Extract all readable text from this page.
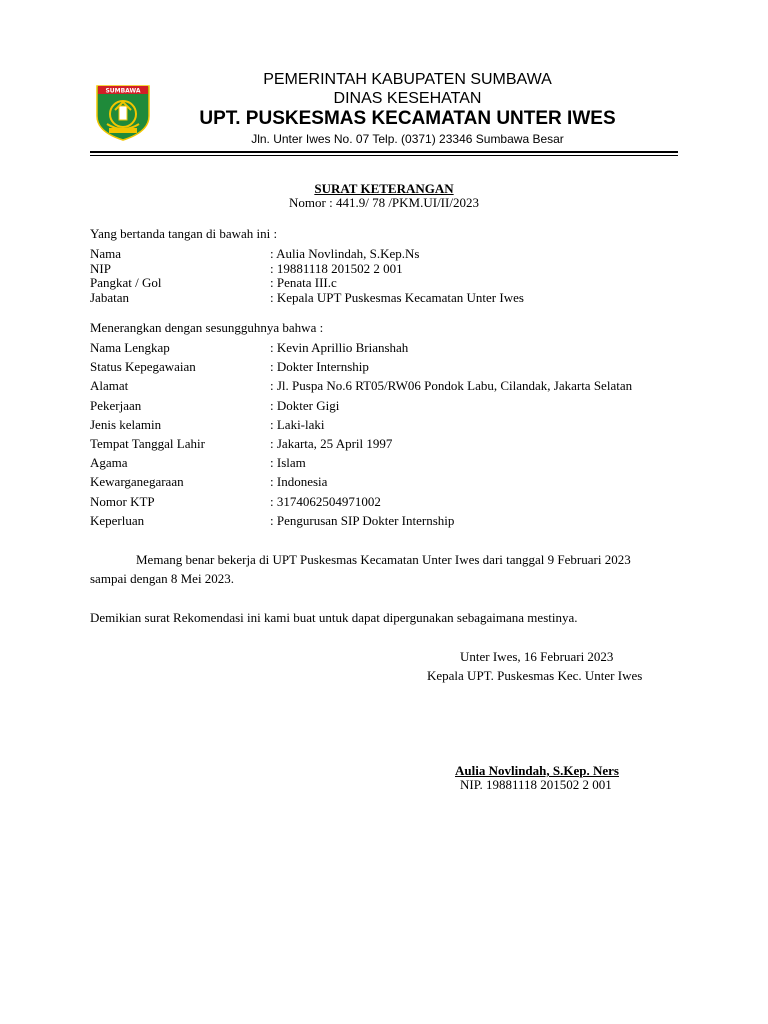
SUMBAWA
PEMERINTAH KABUPATEN SUMBAWA
DINAS KESEHATAN
UPT. PUSKESMAS KECAMATAN UNTER IWES
Jln. Unter Iwes No. 07 Telp. (0371) 23346 Sumbawa Besar
SURAT KETERANGAN
Nomor : 441.9/ 78 /PKM.UI/II/2023
Yang bertanda tangan di bawah ini :
Nama	: Aulia Novlindah, S.Kep.Ns
NIP	: 19881118 201502 2 001
Pangkat / Gol	: Penata III.c
Jabatan	: Kepala UPT Puskesmas Kecamatan Unter Iwes
Menerangkan dengan sesungguhnya bahwa :
Nama Lengkap	: Kevin Aprillio Brianshah
Status Kepegawaian	: Dokter Internship
Alamat	: Jl. Puspa No.6 RT05/RW06 Pondok Labu, Cilandak, Jakarta Selatan
Pekerjaan	: Dokter Gigi
Jenis kelamin	: Laki-laki
Tempat Tanggal Lahir	: Jakarta, 25 April 1997
Agama	: Islam
Kewarganegaraan	: Indonesia
Nomor KTP	: 3174062504971002
Keperluan	: Pengurusan SIP Dokter Internship
Memang benar bekerja di UPT Puskesmas Kecamatan Unter Iwes dari tanggal 9 Februari 2023
sampai dengan 8 Mei 2023.
Demikian surat Rekomendasi ini kami buat untuk dapat dipergunakan sebagaimana mestinya.
Unter Iwes, 16 Februari 2023
Kepala UPT. Puskesmas Kec. Unter Iwes
Aulia Novlindah, S.Kep. Ners
NIP. 19881118 201502 2 001
